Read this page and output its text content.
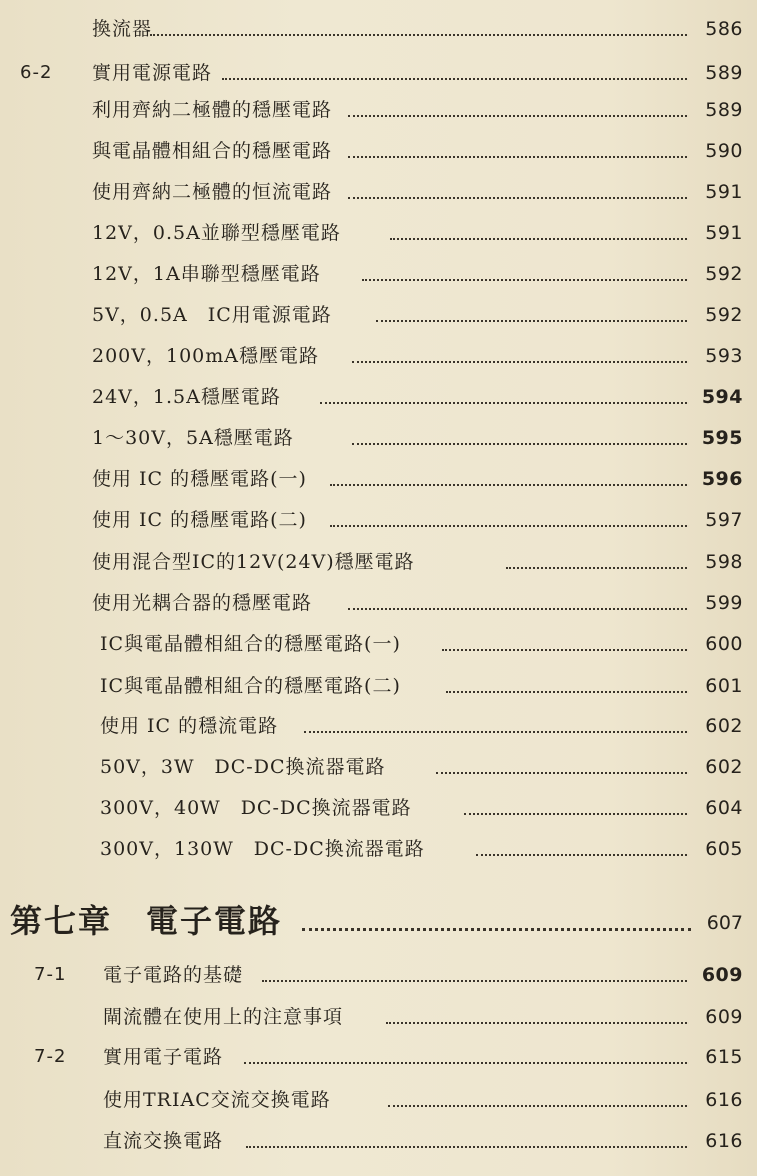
換流器	586
6-2 實用電源電路	589
利用齊納二極體的穩壓電路	589
與電晶體相組合的穩壓電路	590
使用齊納二極體的恒流電路	591
12V，0.5A並聯型穩壓電路	591
12V，1A串聯型穩壓電路	592
5V，0.5A　IC用電源電路	592
200V，100mA穩壓電路	593
24V，1.5A穩壓電路	594
1～30V，5A穩壓電路	595
使用 IC 的穩壓電路(一)	596
使用 IC 的穩壓電路(二)	597
使用混合型IC的12V(24V)穩壓電路	598
使用光耦合器的穩壓電路	599
IC與電晶體相組合的穩壓電路(一)	600
IC與電晶體相組合的穩壓電路(二)	601
使用 IC 的穩流電路	602
50V，3W　DC-DC換流器電路	602
300V，40W　DC-DC換流器電路	604
300V，130W　DC-DC換流器電路	605
第七章　電子電路	607
7-1 電子電路的基礎	609
閘流體在使用上的注意事項	609
7-2 實用電子電路	615
使用TRIAC交流交換電路	616
直流交換電路	616
